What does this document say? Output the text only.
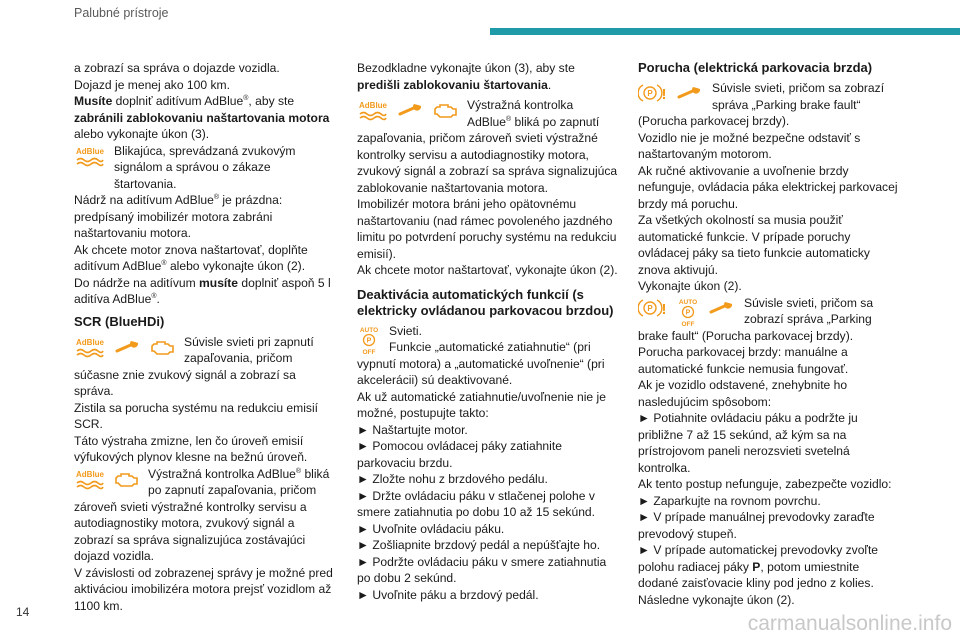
Palubné prístroje

a zobrazí sa správa o dojazde vozidla.

Dojazd je menej ako 100 km.

Musíte doplniť aditívum AdBlue®, aby ste zabránili zablokovaniu naštartovania motora alebo vykonajte úkon (3).

AdBlue Blikajúca, sprevádzaná zvukovým signálom a správou o zákaze štartovania.

Nádrž na aditívum AdBlue® je prázdna: predpísaný imobilizér motora zabráni naštartovaniu motora.

Ak chcete motor znova naštartovať, doplňte aditívum AdBlue® alebo vykonajte úkon (2).

Do nádrže na aditívum musíte doplniť aspoň 5 l aditíva AdBlue®.

SCR (BlueHDi)
AdBlue	Súvisle svieti pri zapnutí zapaľovania, pričom súčasne znie zvukový signál a zobrazí sa správa.

Zistila sa porucha systému na redukciu emisií SCR.

Táto výstraha zmizne, len čo úroveň emisií výfukových plynov klesne na bežnú úroveň.

AdBlue	Výstražná kontrolka AdBlue® bliká po zapnutí zapaľovania, pričom zároveň svieti výstražné kontrolky servisu a autodiagnostiky motora, zvukový signál a zobrazí sa správa signalizujúca zostávajúci dojazd vozidla.

V závislosti od zobrazenej správy je možné pred aktiváciou imobilizéra motora prejsť vozidlom až 1100 km.

Bezodkladne vykonajte úkon (3), aby ste predišli zablokovaniu štartovania.

AdBlue	Výstražná kontrolka AdBlue® bliká po zapnutí zapaľovania, pričom zároveň svieti výstražné kontrolky servisu a autodiagnostiky motora, zvukový signál a zobrazí sa správa signalizujúca zablokovanie naštartovania motora.

Imobilizér motora bráni jeho opätovnému naštartovaniu (nad rámec povoleného jazdného limitu po potvrdení poruchy systému na redukciu emisií).

Ak chcete motor naštartovať, vykonajte úkon (2).

Deaktivácia automatických funkcií (s elektricky ovládanou parkovacou brzdou)
AUTO
P
OFF

Svieti.

Funkcie „automatické zatiahnutie“ (pri vypnutí motora) a „automatické uvoľnenie“ (pri akcelerácii) sú deaktivované.

Ak už automatické zatiahnutie/uvoľnenie nie je možné, postupujte takto:

► Naštartujte motor.

► Pomocou ovládacej páky zatiahnite parkovaciu brzdu.

► Zložte nohu z brzdového pedálu.

► Držte ovládaciu páku v stlačenej polohe v smere zatiahnutia po dobu 10 až 15 sekúnd.

► Uvoľnite ovládaciu páku.

► Zošliapnite brzdový pedál a nepúšťajte ho.

► Podržte ovládaciu páku v smere zatiahnutia po dobu 2 sekúnd.

► Uvoľnite páku a brzdový pedál.

Porucha (elektrická parkovacia brzda)
P !	Súvisle svieti, pričom sa zobrazí správa „Parking brake fault“ (Porucha parkovacej brzdy).

Vozidlo nie je možné bezpečne odstaviť s naštartovaným motorom.

Ak ručné aktivovanie a uvoľnenie brzdy nefunguje, ovládacia páka elektrickej parkovacej brzdy má poruchu.

Za všetkých okolností sa musia použiť automatické funkcie. V prípade poruchy ovládacej páky sa tieto funkcie automaticky znova aktivujú.

Vykonajte úkon (2).

P ! AUTO
P
OFF

Súvisle svieti, pričom sa zobrazí správa „Parking brake fault“ (Porucha parkovacej brzdy).

Porucha parkovacej brzdy: manuálne a automatické funkcie nemusia fungovať.

Ak je vozidlo odstavené, znehybnite ho nasledujúcim spôsobom:

► Potiahnite ovládaciu páku a podržte ju približne 7 až 15 sekúnd, až kým sa na prístrojovom paneli nerozsvieti svetelná kontrolka.

Ak tento postup nefunguje, zabezpečte vozidlo:

► Zaparkujte na rovnom povrchu.

► V prípade manuálnej prevodovky zaraďte prevodový stupeň.

► V prípade automatickej prevodovky zvoľte polohu radiacej páky P, potom umiestnite dodané zaisťovacie kliny pod jedno z kolies.

Následne vykonajte úkon (2).

14	carmanualsonline.info
